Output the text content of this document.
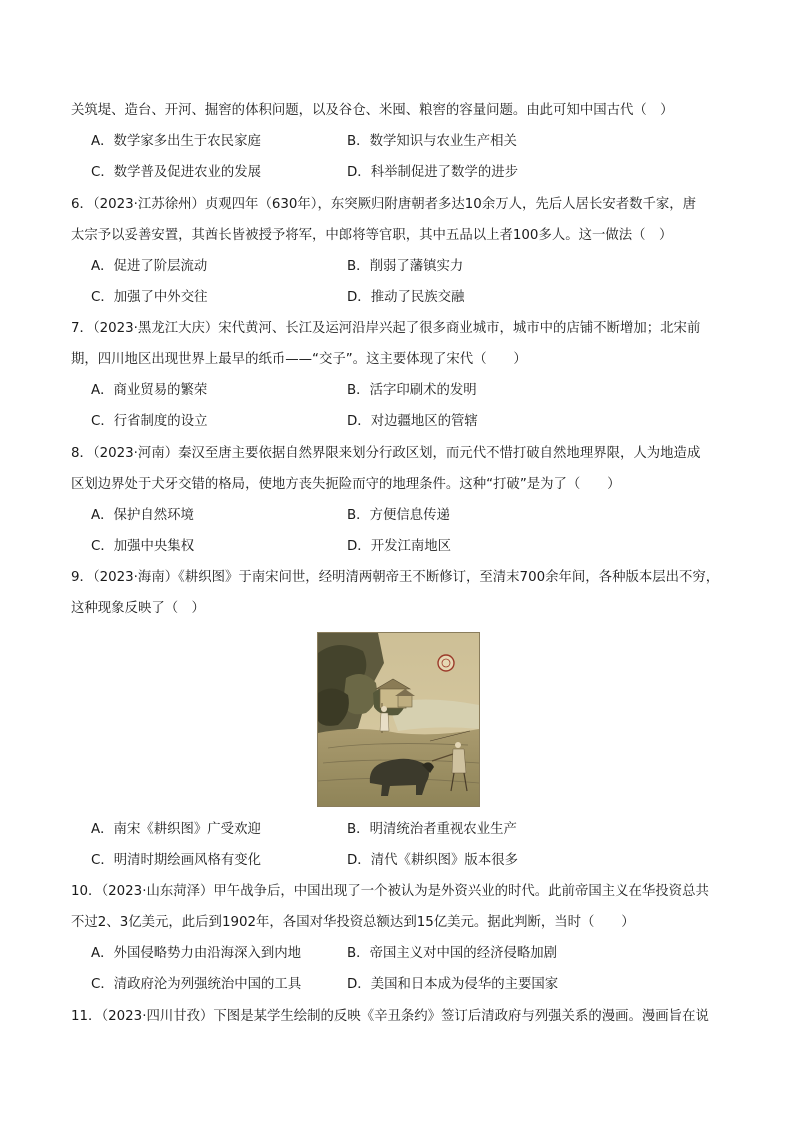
关筑堤、造台、开河、掘窖的体积问题，以及谷仓、米囤、粮窖的容量问题。由此可知中国古代（　）
A．数学家多出生于农民家庭	B．数学知识与农业生产相关
C．数学普及促进农业的发展	D．科举制促进了数学的进步
6．（2023·江苏徐州）贞观四年（630年），东突厥归附唐朝者多达10余万人，先后人居长安者数千家，唐
太宗予以妥善安置，其酋长皆被授予将军，中郎将等官职，其中五品以上者100多人。这一做法（　）
A．促进了阶层流动	B．削弱了藩镇实力
C．加强了中外交往	D．推动了民族交融
7．（2023·黑龙江大庆）宋代黄河、长江及运河沿岸兴起了很多商业城市，城市中的店铺不断增加；北宋前
期，四川地区出现世界上最早的纸币——“交子”。这主要体现了宋代（　　）
A．商业贸易的繁荣	B．活字印刷术的发明
C．行省制度的设立	D．对边疆地区的管辖
8．（2023·河南）秦汉至唐主要依据自然界限来划分行政区划，而元代不惜打破自然地理界限，人为地造成
区划边界处于犬牙交错的格局，使地方丧失扼险而守的地理条件。这种“打破”是为了（　　）
A．保护自然环境	B．方便信息传递
C．加强中央集权	D．开发江南地区
9．（2023·海南）《耕织图》于南宋问世，经明清两朝帝王不断修订，至清末700余年间，各种版本层出不穷，
这种现象反映了（　）
A．南宋《耕织图》广受欢迎	B．明清统治者重视农业生产
C．明清时期绘画风格有变化	D．清代《耕织图》版本很多
10．（2023·山东菏泽）甲午战争后，中国出现了一个被认为是外资兴业的时代。此前帝国主义在华投资总共
不过2、3亿美元，此后到1902年，各国对华投资总额达到15亿美元。据此判断，当时（　　）
A．外国侵略势力由沿海深入到内地	B．帝国主义对中国的经济侵略加剧
C．清政府沦为列强统治中国的工具	D．美国和日本成为侵华的主要国家
11．（2023·四川甘孜）下图是某学生绘制的反映《辛丑条约》签订后清政府与列强关系的漫画。漫画旨在说
